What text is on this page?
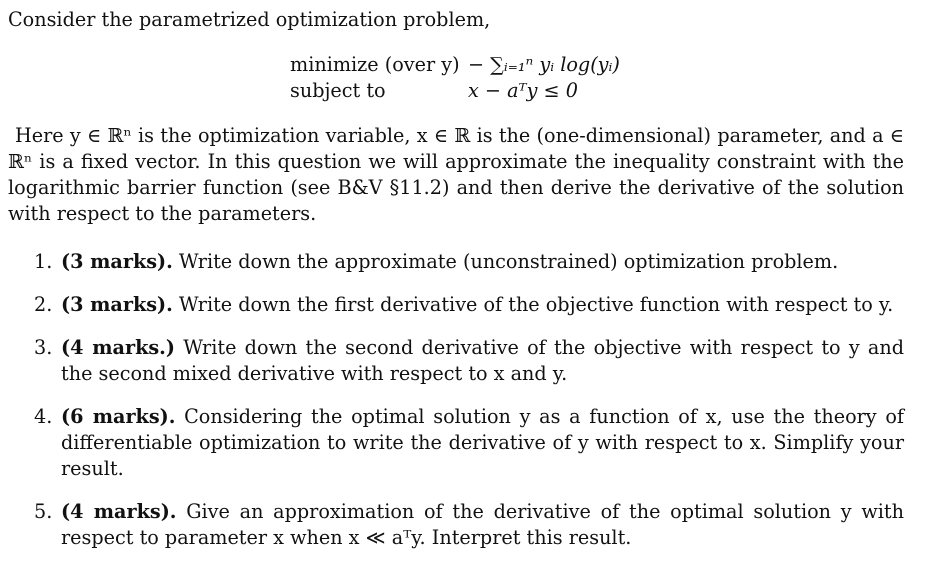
Consider the parametrized optimization problem,
minimize (over y) − ∑ᵢ₌₁ⁿ yᵢ log(yᵢ)
subject to	x − aᵀy ≤ 0
Here y ∈ ℝⁿ is the optimization variable, x ∈ ℝ is the (one-dimensional) parameter, and a ∈ ℝⁿ is a fixed vector. In this question we will approximate the inequality constraint with the logarithmic barrier function (see B&V §11.2) and then derive the derivative of the solution with respect to the parameters.
1. (3 marks). Write down the approximate (unconstrained) optimization problem.
2. (3 marks). Write down the first derivative of the objective function with respect to y.
3. (4 marks.) Write down the second derivative of the objective with respect to y and the second mixed derivative with respect to x and y.
4. (6 marks). Considering the optimal solution y as a function of x, use the theory of differentiable optimization to write the derivative of y with respect to x. Simplify your result.
5. (4 marks). Give an approximation of the derivative of the optimal solution y with respect to parameter x when x ≪ aᵀy. Interpret this result.
